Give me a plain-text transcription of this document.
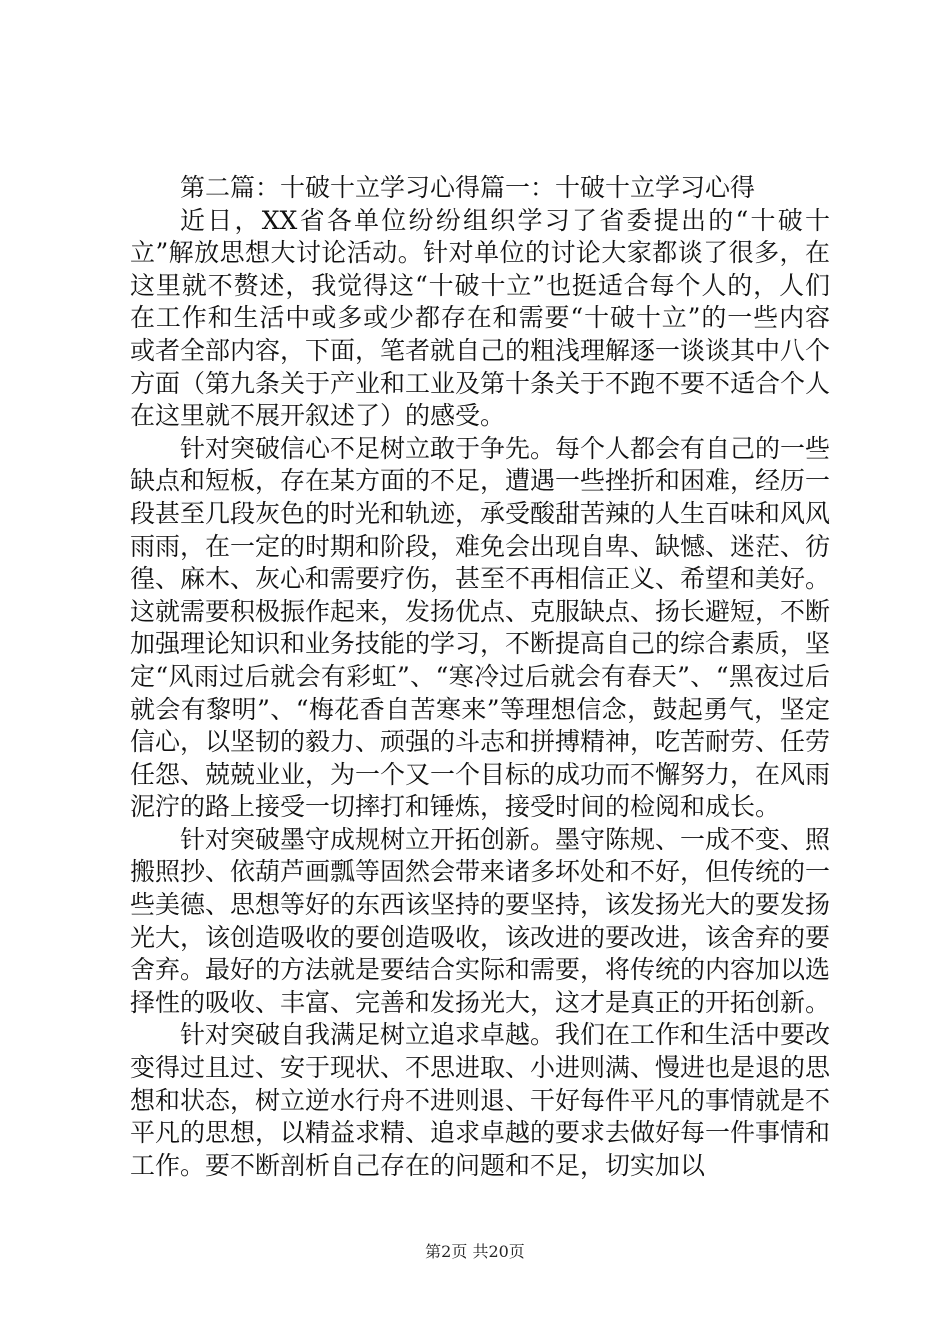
第二篇：十破十立学习心得篇一：十破十立学习心得

近日，XX省各单位纷纷组织学习了省委提出的“十破十立”解放思想大讨论活动。针对单位的讨论大家都谈了很多，在这里就不赘述，我觉得这“十破十立”也挺适合每个人的，人们在工作和生活中或多或少都存在和需要“十破十立”的一些内容或者全部内容，下面，笔者就自己的粗浅理解逐一谈谈其中八个方面（第九条关于产业和工业及第十条关于不跑不要不适合个人在这里就不展开叙述了）的感受。

针对突破信心不足树立敢于争先。每个人都会有自己的一些缺点和短板，存在某方面的不足，遭遇一些挫折和困难，经历一段甚至几段灰色的时光和轨迹，承受酸甜苦辣的人生百味和风风雨雨，在一定的时期和阶段，难免会出现自卑、缺憾、迷茫、彷徨、麻木、灰心和需要疗伤，甚至不再相信正义、希望和美好。这就需要积极振作起来，发扬优点、克服缺点、扬长避短，不断加强理论知识和业务技能的学习，不断提高自己的综合素质，坚定“风雨过后就会有彩虹”、“寒冷过后就会有春天”、“黑夜过后就会有黎明”、“梅花香自苦寒来”等理想信念，鼓起勇气，坚定信心，以坚韧的毅力、顽强的斗志和拼搏精神，吃苦耐劳、任劳任怨、兢兢业业，为一个又一个目标的成功而不懈努力，在风雨泥泞的路上接受一切摔打和锤炼，接受时间的检阅和成长。

针对突破墨守成规树立开拓创新。墨守陈规、一成不变、照搬照抄、依葫芦画瓢等固然会带来诸多坏处和不好，但传统的一些美德、思想等好的东西该坚持的要坚持，该发扬光大的要发扬光大，该创造吸收的要创造吸收，该改进的要改进，该舍弃的要舍弃。最好的方法就是要结合实际和需要，将传统的内容加以选择性的吸收、丰富、完善和发扬光大，这才是真正的开拓创新。

针对突破自我满足树立追求卓越。我们在工作和生活中要改变得过且过、安于现状、不思进取、小进则满、慢进也是退的思想和状态，树立逆水行舟不进则退、干好每件平凡的事情就是不平凡的思想，以精益求精、追求卓越的要求去做好每一件事情和工作。要不断剖析自己存在的问题和不足，切实加以

第2页 共20页
